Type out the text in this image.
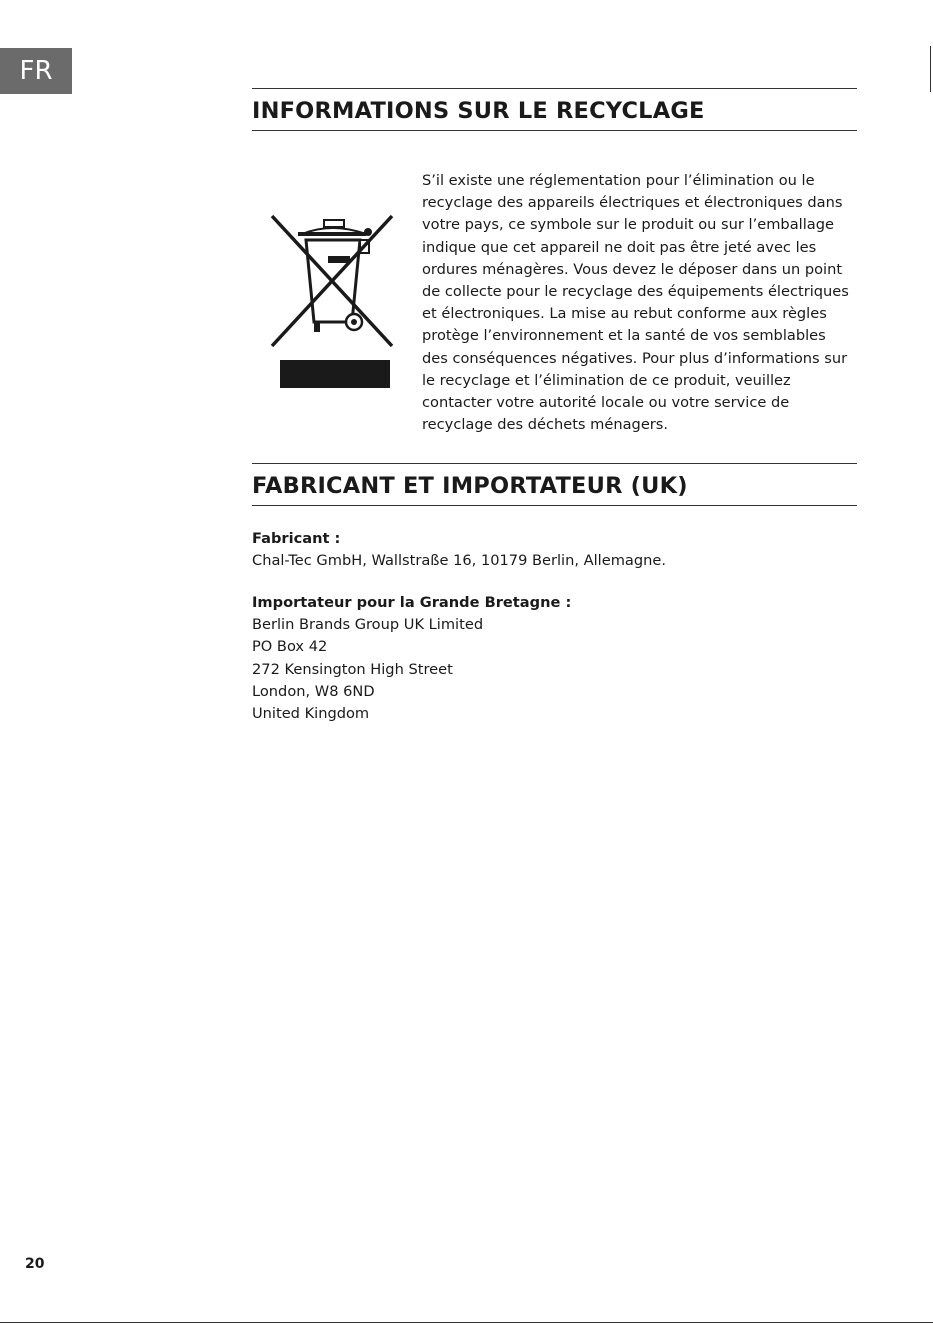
FR
INFORMATIONS SUR LE RECYCLAGE

S’il existe une réglementation pour l’élimination ou le recyclage des appareils électriques et électroniques dans votre pays, ce symbole sur le produit ou sur l’emballage indique que cet appareil ne doit pas être jeté avec les ordures ménagères. Vous devez le déposer dans un point de collecte pour le recyclage des équipements électriques et électroniques. La mise au rebut conforme aux règles protège l’environnement et la santé de vos semblables des conséquences négatives. Pour plus d’informations sur le recyclage et l’élimination de ce produit, veuillez contacter votre autorité locale ou votre service de recyclage des déchets ménagers.

FABRICANT ET IMPORTATEUR (UK)
Fabricant :
Chal-Tec GmbH, Wallstraße 16, 10179 Berlin, Allemagne.
Importateur pour la Grande Bretagne :
Berlin Brands Group UK Limited
PO Box 42
272 Kensington High Street
London, W8 6ND
United Kingdom
20
